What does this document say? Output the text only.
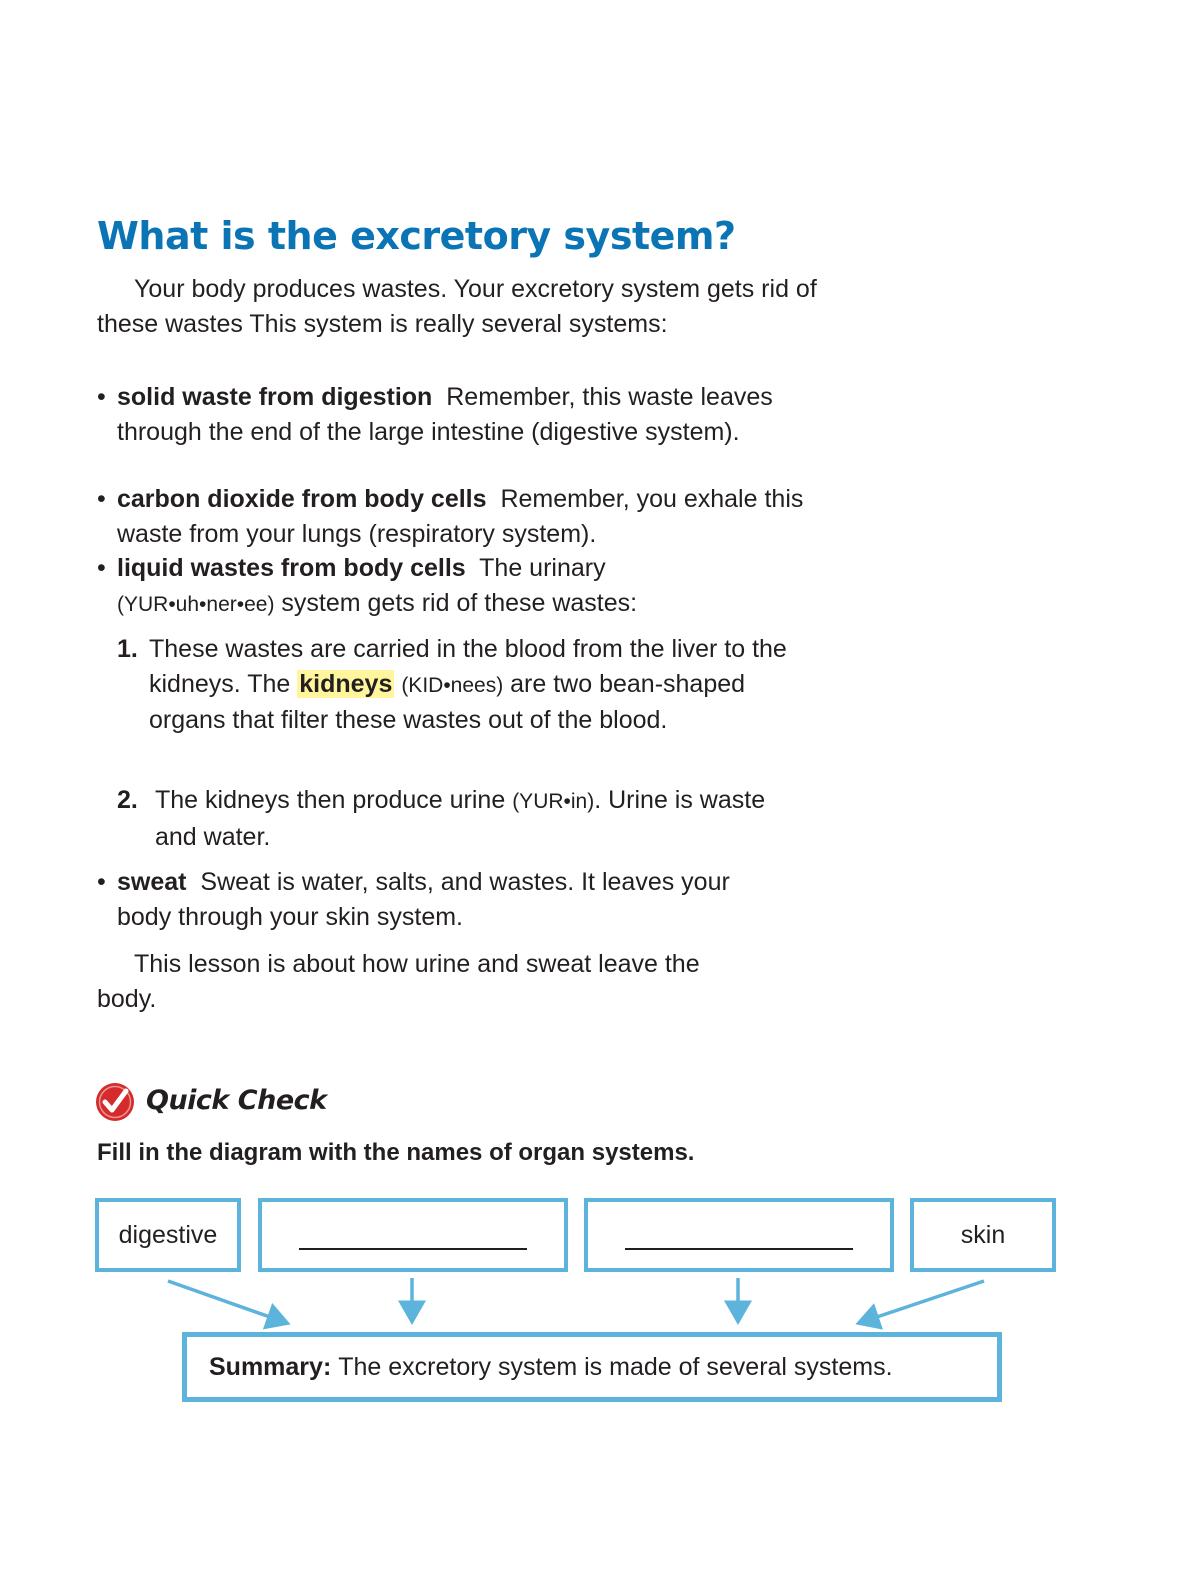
What is the excretory system?

Your body produces wastes. Your excretory system gets rid of these wastes This system is really several systems:

• solid waste from digestion Remember, this waste leaves through the end of the large intestine (digestive system).
• carbon dioxide from body cells Remember, you exhale this waste from your lungs (respiratory system).
• liquid wastes from body cells The urinary (YUR•uh•ner•ee) system gets rid of these wastes:
1. These wastes are carried in the blood from the liver to the kidneys. The kidneys (KID•nees) are two bean-shaped organs that filter these wastes out of the blood.
2. The kidneys then produce urine (YUR•in). Urine is waste and water.
• sweat Sweat is water, salts, and wastes. It leaves your body through your skin system.

This lesson is about how urine and sweat leave the body.

Quick Check

Fill in the diagram with the names of organ systems.

digestive	skin
Summary:
The excretory system is made of several systems.
